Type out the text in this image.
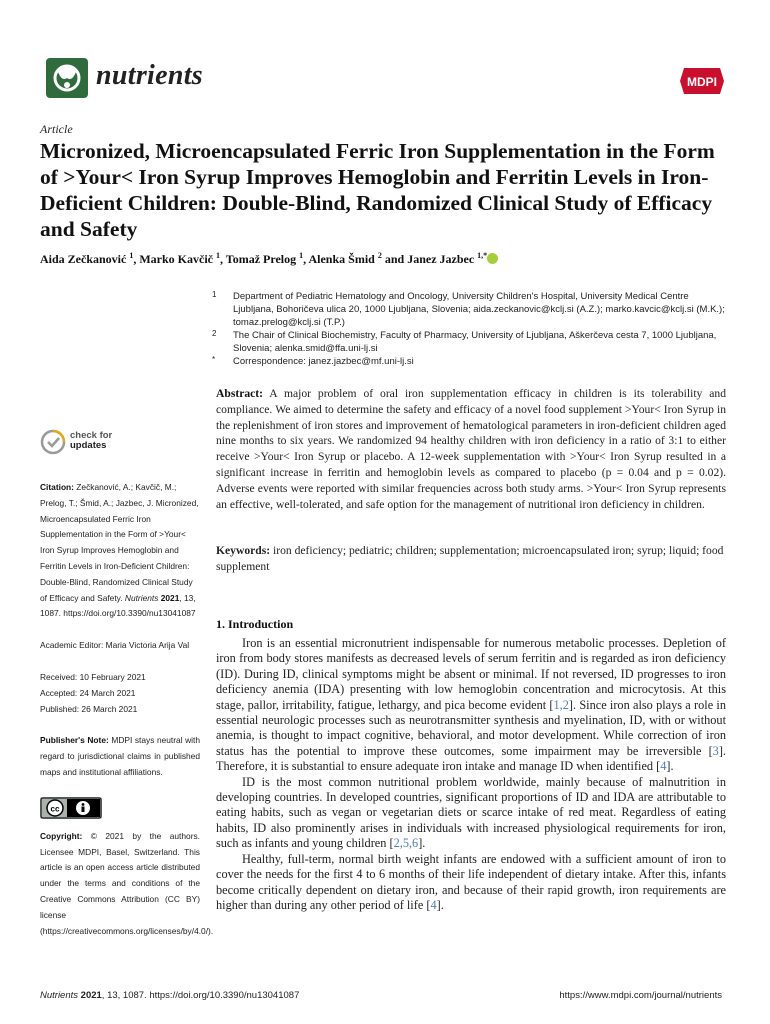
nutrients	MDPI
Article
Micronized, Microencapsulated Ferric Iron Supplementation in the Form of >Your< Iron Syrup Improves Hemoglobin and Ferritin Levels in Iron-Deficient Children: Double-Blind, Randomized Clinical Study of Efficacy and Safety
Aida Zečkanović $^1$, Marko Kavčič $^1$, Tomaž Prelog $^1$, Alenka Šmid $^2$ and Janez Jazbec $^{1,*}$
1 Department of Pediatric Hematology and Oncology, University Children's Hospital, University Medical Centre Ljubljana, Bohoričeva ulica 20, 1000 Ljubljana, Slovenia; aida.zeckanovic@kclj.si (A.Z.); marko.kavcic@kclj.si (M.K.); tomaz.prelog@kclj.si (T.P.)
2 The Chair of Clinical Biochemistry, Faculty of Pharmacy, University of Ljubljana, Aškerčeva cesta 7, 1000 Ljubljana, Slovenia; alenka.smid@ffa.uni-lj.si
* Correspondence: janez.jazbec@mf.uni-lj.si
check for
updates
Citation: Zečkanović, A.; Kavčič, M.; Prelog, T.; Šmid, A.; Jazbec, J. Micronized, Microencapsulated Ferric Iron Supplementation in the Form of >Your< Iron Syrup Improves Hemoglobin and Ferritin Levels in Iron-Deficient Children: Double-Blind, Randomized Clinical Study of Efficacy and Safety. Nutrients 2021, 13, 1087. https://doi.org/10.3390/nu13041087
Academic Editor: Maria Victoria Arija Val
Received: 10 February 2021
Accepted: 24 March 2021
Published: 26 March 2021
Publisher's Note: MDPI stays neutral with regard to jurisdictional claims in published maps and institutional affiliations.
cc
Copyright: © 2021 by the authors. Licensee MDPI, Basel, Switzerland. This article is an open access article distributed under the terms and conditions of the Creative Commons Attribution (CC BY) license (https://creativecommons.org/licenses/by/4.0/).
Abstract: A major problem of oral iron supplementation efficacy in children is its tolerability and compliance. We aimed to determine the safety and efficacy of a novel food supplement >Your< Iron Syrup in the replenishment of iron stores and improvement of hematological parameters in iron-deficient children aged nine months to six years. We randomized 94 healthy children with iron deficiency in a ratio of 3:1 to either receive >Your< Iron Syrup or placebo. A 12-week supplementation with >Your< Iron Syrup resulted in a significant increase in ferritin and hemoglobin levels as compared to placebo (p = 0.04 and p = 0.02). Adverse events were reported with similar frequencies across both study arms. >Your< Iron Syrup represents an effective, well-tolerated, and safe option for the management of nutritional iron deficiency in children.
Keywords: iron deficiency; pediatric; children; supplementation; microencapsulated iron; syrup; liquid; food supplement
1. Introduction

Iron is an essential micronutrient indispensable for numerous metabolic processes. Depletion of iron from body stores manifests as decreased levels of serum ferritin and is regarded as iron deficiency (ID). During ID, clinical symptoms might be absent or minimal. If not reversed, ID progresses to iron deficiency anemia (IDA) presenting with low hemoglobin concentration and microcytosis. At this stage, pallor, irritability, fatigue, lethargy, and pica become evident [1,2]. Since iron also plays a role in essential neurologic processes such as neurotransmitter synthesis and myelination, ID, with or without anemia, is thought to impact cognitive, behavioral, and motor development. While correction of iron status has the potential to improve these outcomes, some impairment may be irreversible [3]. Therefore, it is substantial to ensure adequate iron intake and manage ID when identified [4].

ID is the most common nutritional problem worldwide, mainly because of malnutrition in developing countries. In developed countries, significant proportions of ID and IDA are attributable to eating habits, such as vegan or vegetarian diets or scarce intake of red meat. Regardless of eating habits, ID also prominently arises in individuals with increased physiological requirements for iron, such as infants and young children [2,5,6].

Healthy, full-term, normal birth weight infants are endowed with a sufficient amount of iron to cover the needs for the first 4 to 6 months of their life independent of dietary intake. After this, infants become critically dependent on dietary iron, and because of their rapid growth, iron requirements are higher than during any other period of life [4].

Nutrients 2021, 13, 1087. https://doi.org/10.3390/nu13041087	https://www.mdpi.com/journal/nutrients
